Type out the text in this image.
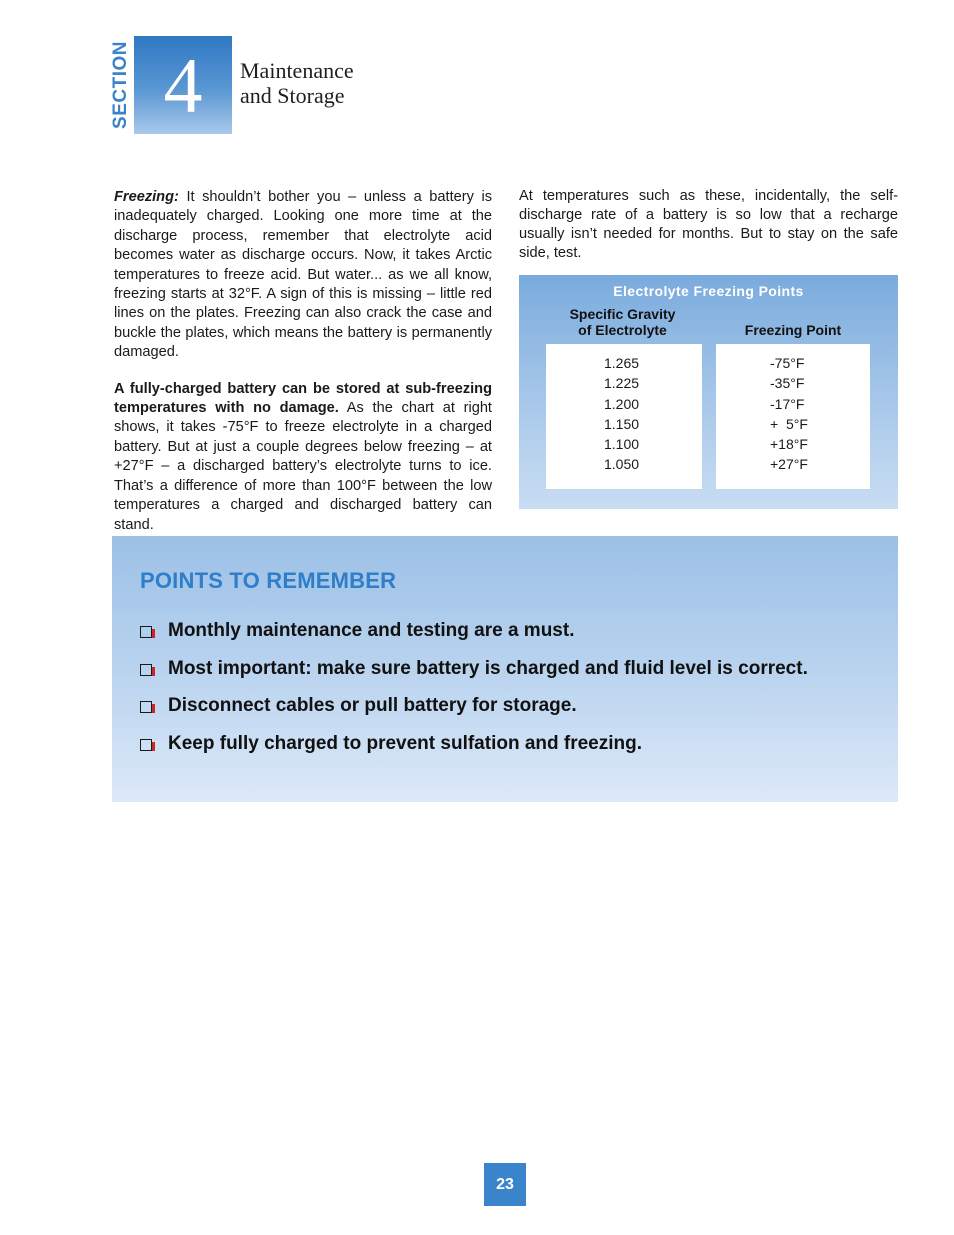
SECTION 4	Maintenance
and Storage

Freezing: It shouldn’t bother you – unless a battery is inadequately charged. Looking one more time at the discharge process, remember that electrolyte acid becomes water as discharge occurs. Now, it takes Arctic temperatures to freeze acid. But water... as we all know, freezing starts at 32°F. A sign of this is missing – little red lines on the plates. Freezing can also crack the case and buckle the plates, which means the battery is permanently damaged.

A fully-charged battery can be stored at sub-freezing temperatures with no damage. As the chart at right shows, it takes -75°F to freeze electrolyte in a charged battery. But at just a couple degrees below freezing – at +27°F – a discharged battery’s electrolyte turns to ice. That’s a difference of more than 100°F between the low temperatures a charged and discharged battery can stand.

At temperatures such as these, incidentally, the self-discharge rate of a battery is so low that a recharge usually isn’t needed for months. But to stay on the safe side, test.

Electrolyte Freezing Points
Specific Gravity
of Electrolyte	Freezing Point
1.265
1.225
1.200
1.150
1.100
1.050
-75°F
-35°F
-17°F
+  5°F
+18°F
+27°F
POINTS TO REMEMBER
Monthly maintenance and testing are a must.
Most important: make sure battery is charged and fluid level is correct.
Disconnect cables or pull battery for storage.
Keep fully charged to prevent sulfation and freezing.
23
